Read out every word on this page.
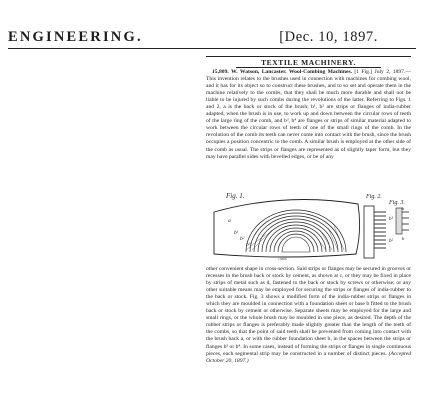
ENGINEERING.	[Dec. 10, 1897.
TEXTILE MACHINERY.

15,809. W. Watson, Lancaster. Wool-Combing Machines. [1 Fig.] July 2, 1897.—This invention relates to the brushes used in connection with machines for combing wool, and it has for its object so to construct these brushes, and to so set and operate them in the machine relatively to the combs, that they shall be much more durable and shall not be liable to be injured by such combs during the revolutions of the latter. Referring to Figs. 1 and 2, a is the back or stock of the brush; b¹, b² are strips or flanges of india-rubber adapted, when the brush is in use, to work up and down between the circular rows of teeth of the large ring of the comb, and b³, b⁴ are flanges or strips of similar material adapted to work between the circular rows of teeth of one of the small rings of the comb. In the revolution of the comb its teeth can never come into contact with the brush, since the brush occupies a position concentric to the comb. A similar brush is employed at the other side of the comb as usual. The strips or flanges are represented as of slightly taper form, but they may have parallel sides with bevelled edges, or be of any

Fig. 1.	Fig. 2.
Fig. 3.
a
b¹
b²
b³
15809
b¹
b²
b
b
other convenient shape in cross-section. Said strips or flanges may be secured in grooves or recesses in the brush back or stock by cement, as shown at c, or they may be fixed in place by strips of metal such as d, fastened to the back or stock by screws or otherwise; or any other suitable means may be employed for securing the strips or flanges of india-rubber to the back or stock. Fig. 3 shows a modified form of the india-rubber strips or flanges in which they are moulded in connection with a foundation sheet or base b fitted to the brush back or stock by cement or otherwise. Separate sheets may be employed for the large and small rings, or the whole brush may be moulded in one piece, as desired. The depth of the rubber strips or flanges is preferably made slightly greater than the length of the teeth of the combs, so that the point of said teeth shall be prevented from coming into contact with the brush back a, or with the rubber foundation sheet b, in the spaces between the strips or flanges b³ or b⁴. In some cases, instead of forming the strips or flanges in single continuous pieces, each segmental strip may be constructed in a number of distinct pieces. (Accepted October 20, 1897.)
